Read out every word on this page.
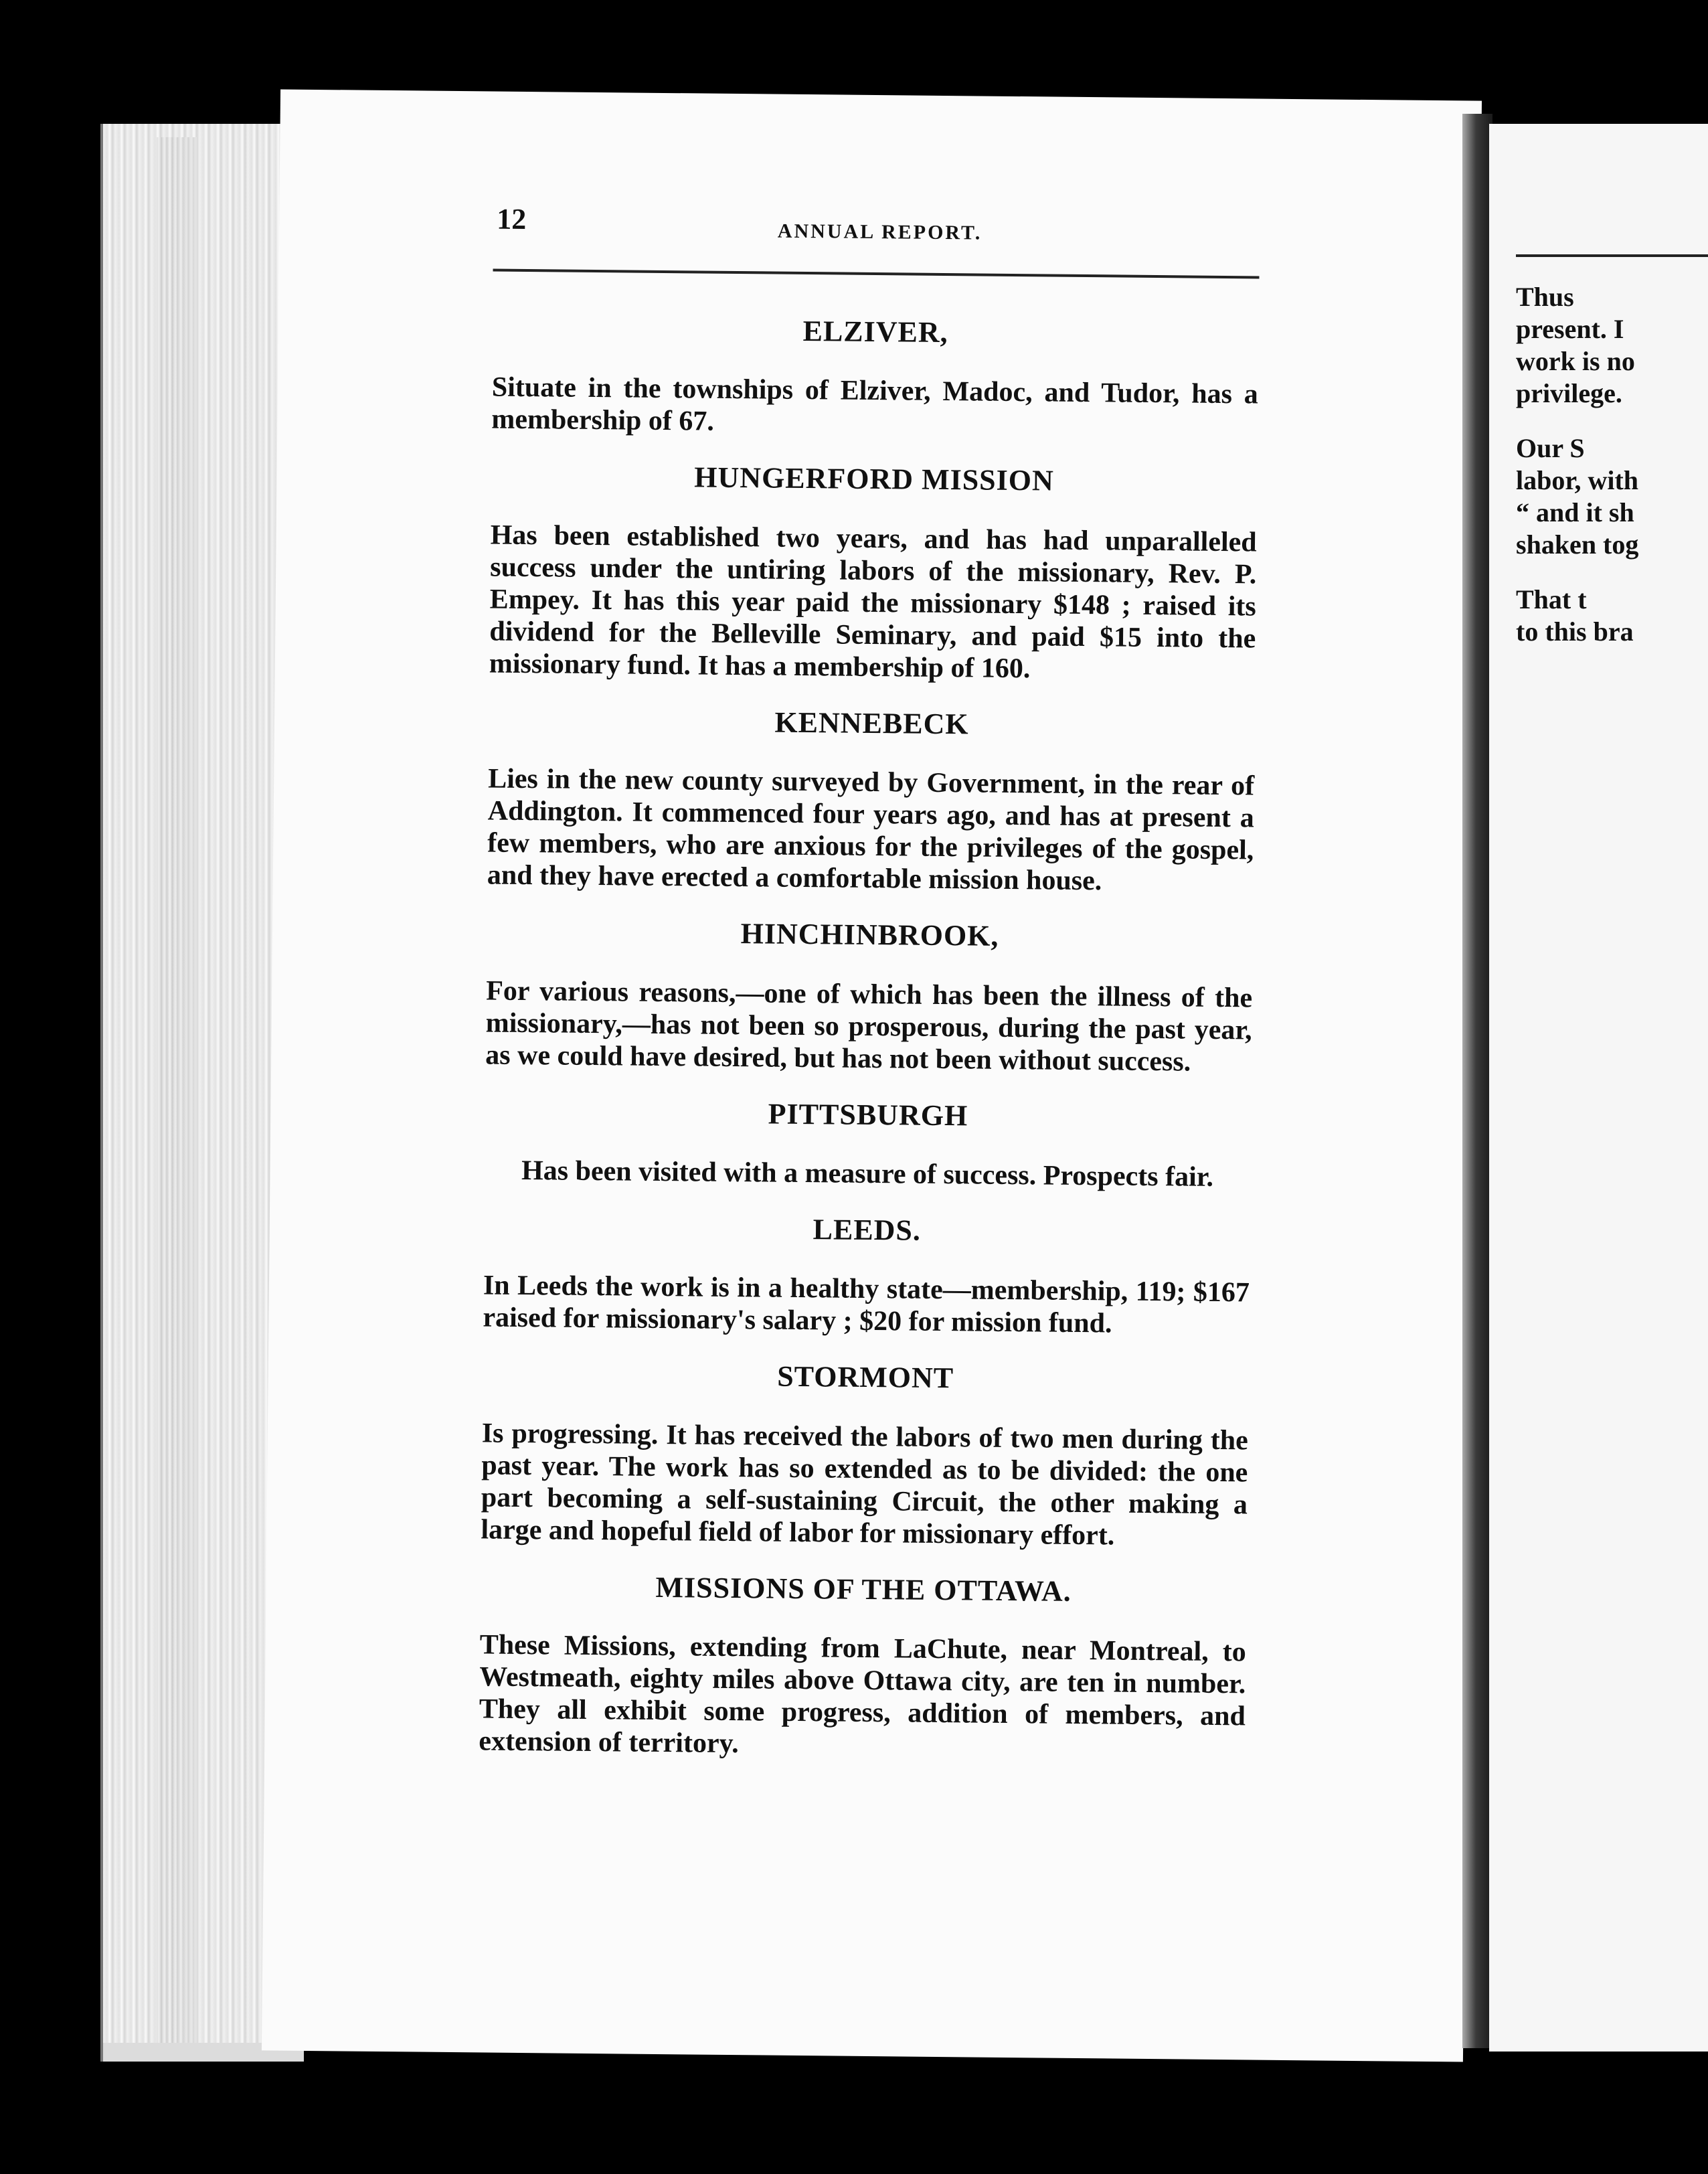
12	ANNUAL REPORT.
ELZIVER,

Situate in the townships of Elziver, Madoc, and Tudor, has a membership of 67.

HUNGERFORD MISSION

Has been established two years, and has had unparalleled success under the untiring labors of the missionary, Rev. P. Empey. It has this year paid the missionary $148 ; raised its dividend for the Belleville Seminary, and paid $15 into the missionary fund. It has a membership of 160.

KENNEBECK

Lies in the new county surveyed by Government, in the rear of Addington. It commenced four years ago, and has at present a few members, who are anxious for the privileges of the gospel, and they have erected a comfortable mission house.

HINCHINBROOK,

For various reasons,—one of which has been the illness of the missionary,—has not been so prosperous, during the past year, as we could have desired, but has not been without success.

PITTSBURGH

Has been visited with a measure of success. Prospects fair.

LEEDS.

In Leeds the work is in a healthy state—membership, 119; $167 raised for missionary's salary ; $20 for mission fund.

STORMONT

Is progressing. It has received the labors of two men during the past year. The work has so extended as to be divided: the one part becoming a self-sustaining Circuit, the other making a large and hopeful field of labor for missionary effort.

MISSIONS OF THE OTTAWA.

These Missions, extending from LaChute, near Montreal, to Westmeath, eighty miles above Ottawa city, are ten in number. They all exhibit some progress, addition of members, and extension of territory.

Thus
present. I
work is no
privilege.
Our S
labor, with
“ and it sh
shaken tog
That t
to this bra
